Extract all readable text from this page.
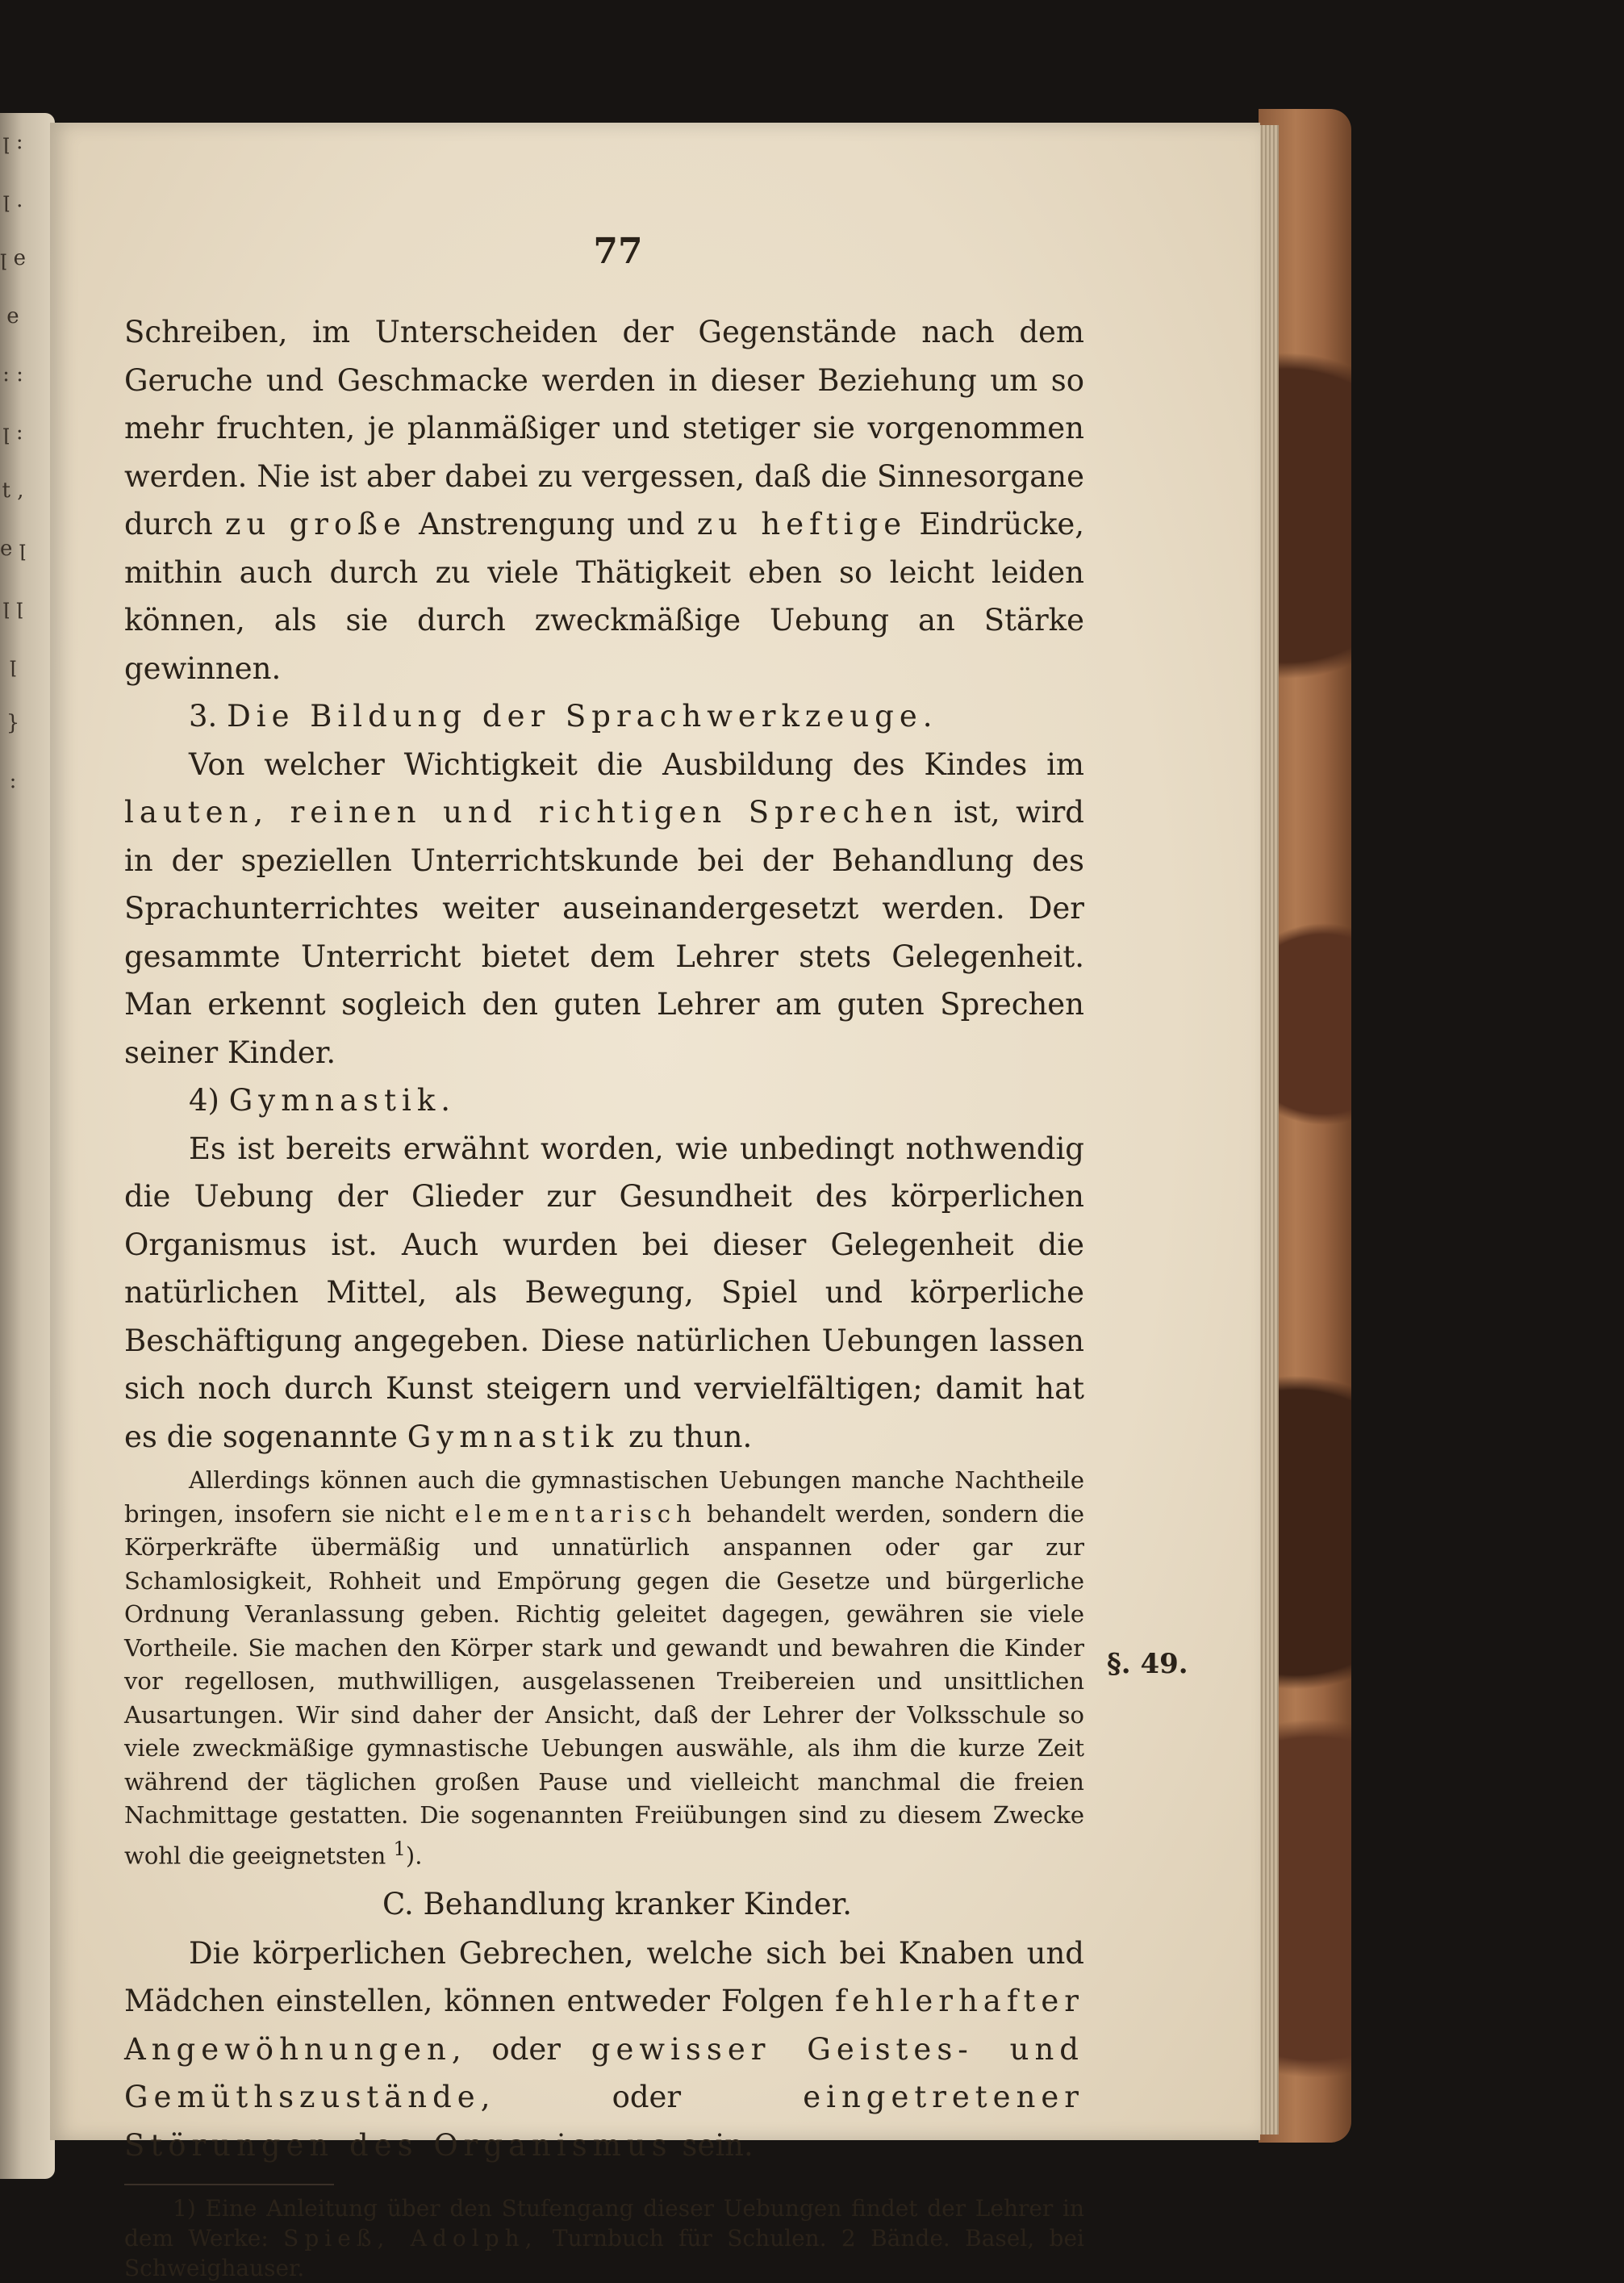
ꞁ : ꞁ . ꞁ e e : : ꞁ : t , e ꞁ ꞁ ꞁ ꞁ } :
77
§. 49.

Schreiben, im Unterscheiden der Gegenstände nach dem Geruche und Geschmacke werden in dieser Beziehung um so mehr fruchten, je planmäßiger und stetiger sie vorgenommen werden. Nie ist aber dabei zu vergessen, daß die Sinnesorgane durch zu große Anstrengung und zu heftige Eindrücke, mithin auch durch zu viele Thätigkeit eben so leicht leiden können, als sie durch zweckmäßige Uebung an Stärke gewinnen.

3. Die Bildung der Sprachwerkzeuge.

Von welcher Wichtigkeit die Ausbildung des Kindes im lauten, reinen und richtigen Sprechen ist, wird in der speziellen Unterrichtskunde bei der Behandlung des Sprachunterrichtes weiter auseinandergesetzt werden. Der gesammte Unterricht bietet dem Lehrer stets Gelegenheit. Man erkennt sogleich den guten Lehrer am guten Sprechen seiner Kinder.

4) Gymnastik.

Es ist bereits erwähnt worden, wie unbedingt nothwendig die Uebung der Glieder zur Gesundheit des körperlichen Organismus ist. Auch wurden bei dieser Gelegenheit die natürlichen Mittel, als Bewegung, Spiel und körperliche Beschäftigung angegeben. Diese natürlichen Uebungen lassen sich noch durch Kunst steigern und vervielfältigen; damit hat es die sogenannte Gymnastik zu thun.

Allerdings können auch die gymnastischen Uebungen manche Nachtheile bringen, insofern sie nicht elementarisch behandelt werden, sondern die Körperkräfte übermäßig und unnatürlich anspannen oder gar zur Schamlosigkeit, Rohheit und Empörung gegen die Gesetze und bürgerliche Ordnung Veranlassung geben. Richtig geleitet dagegen, gewähren sie viele Vortheile. Sie machen den Körper stark und gewandt und bewahren die Kinder vor regellosen, muthwilligen, ausgelassenen Treibereien und unsittlichen Ausartungen. Wir sind daher der Ansicht, daß der Lehrer der Volksschule so viele zweckmäßige gymnastische Uebungen auswähle, als ihm die kurze Zeit während der täglichen großen Pause und vielleicht manchmal die freien Nachmittage gestatten. Die sogenannten Freiübungen sind zu diesem Zwecke wohl die geeignetsten $^1$).

C. Behandlung kranker Kinder.

Die körperlichen Gebrechen, welche sich bei Knaben und Mädchen einstellen, können entweder Folgen fehlerhafter Angewöhnungen, oder gewisser Geistes- und Gemüthszustände, oder eingetretener Störungen des Organismus sein.

1) Eine Anleitung über den Stufengang dieser Uebungen findet der Lehrer in dem Werke: Spieß, Adolph, Turnbuch für Schulen. 2 Bände. Basel, bei Schweighauser.
